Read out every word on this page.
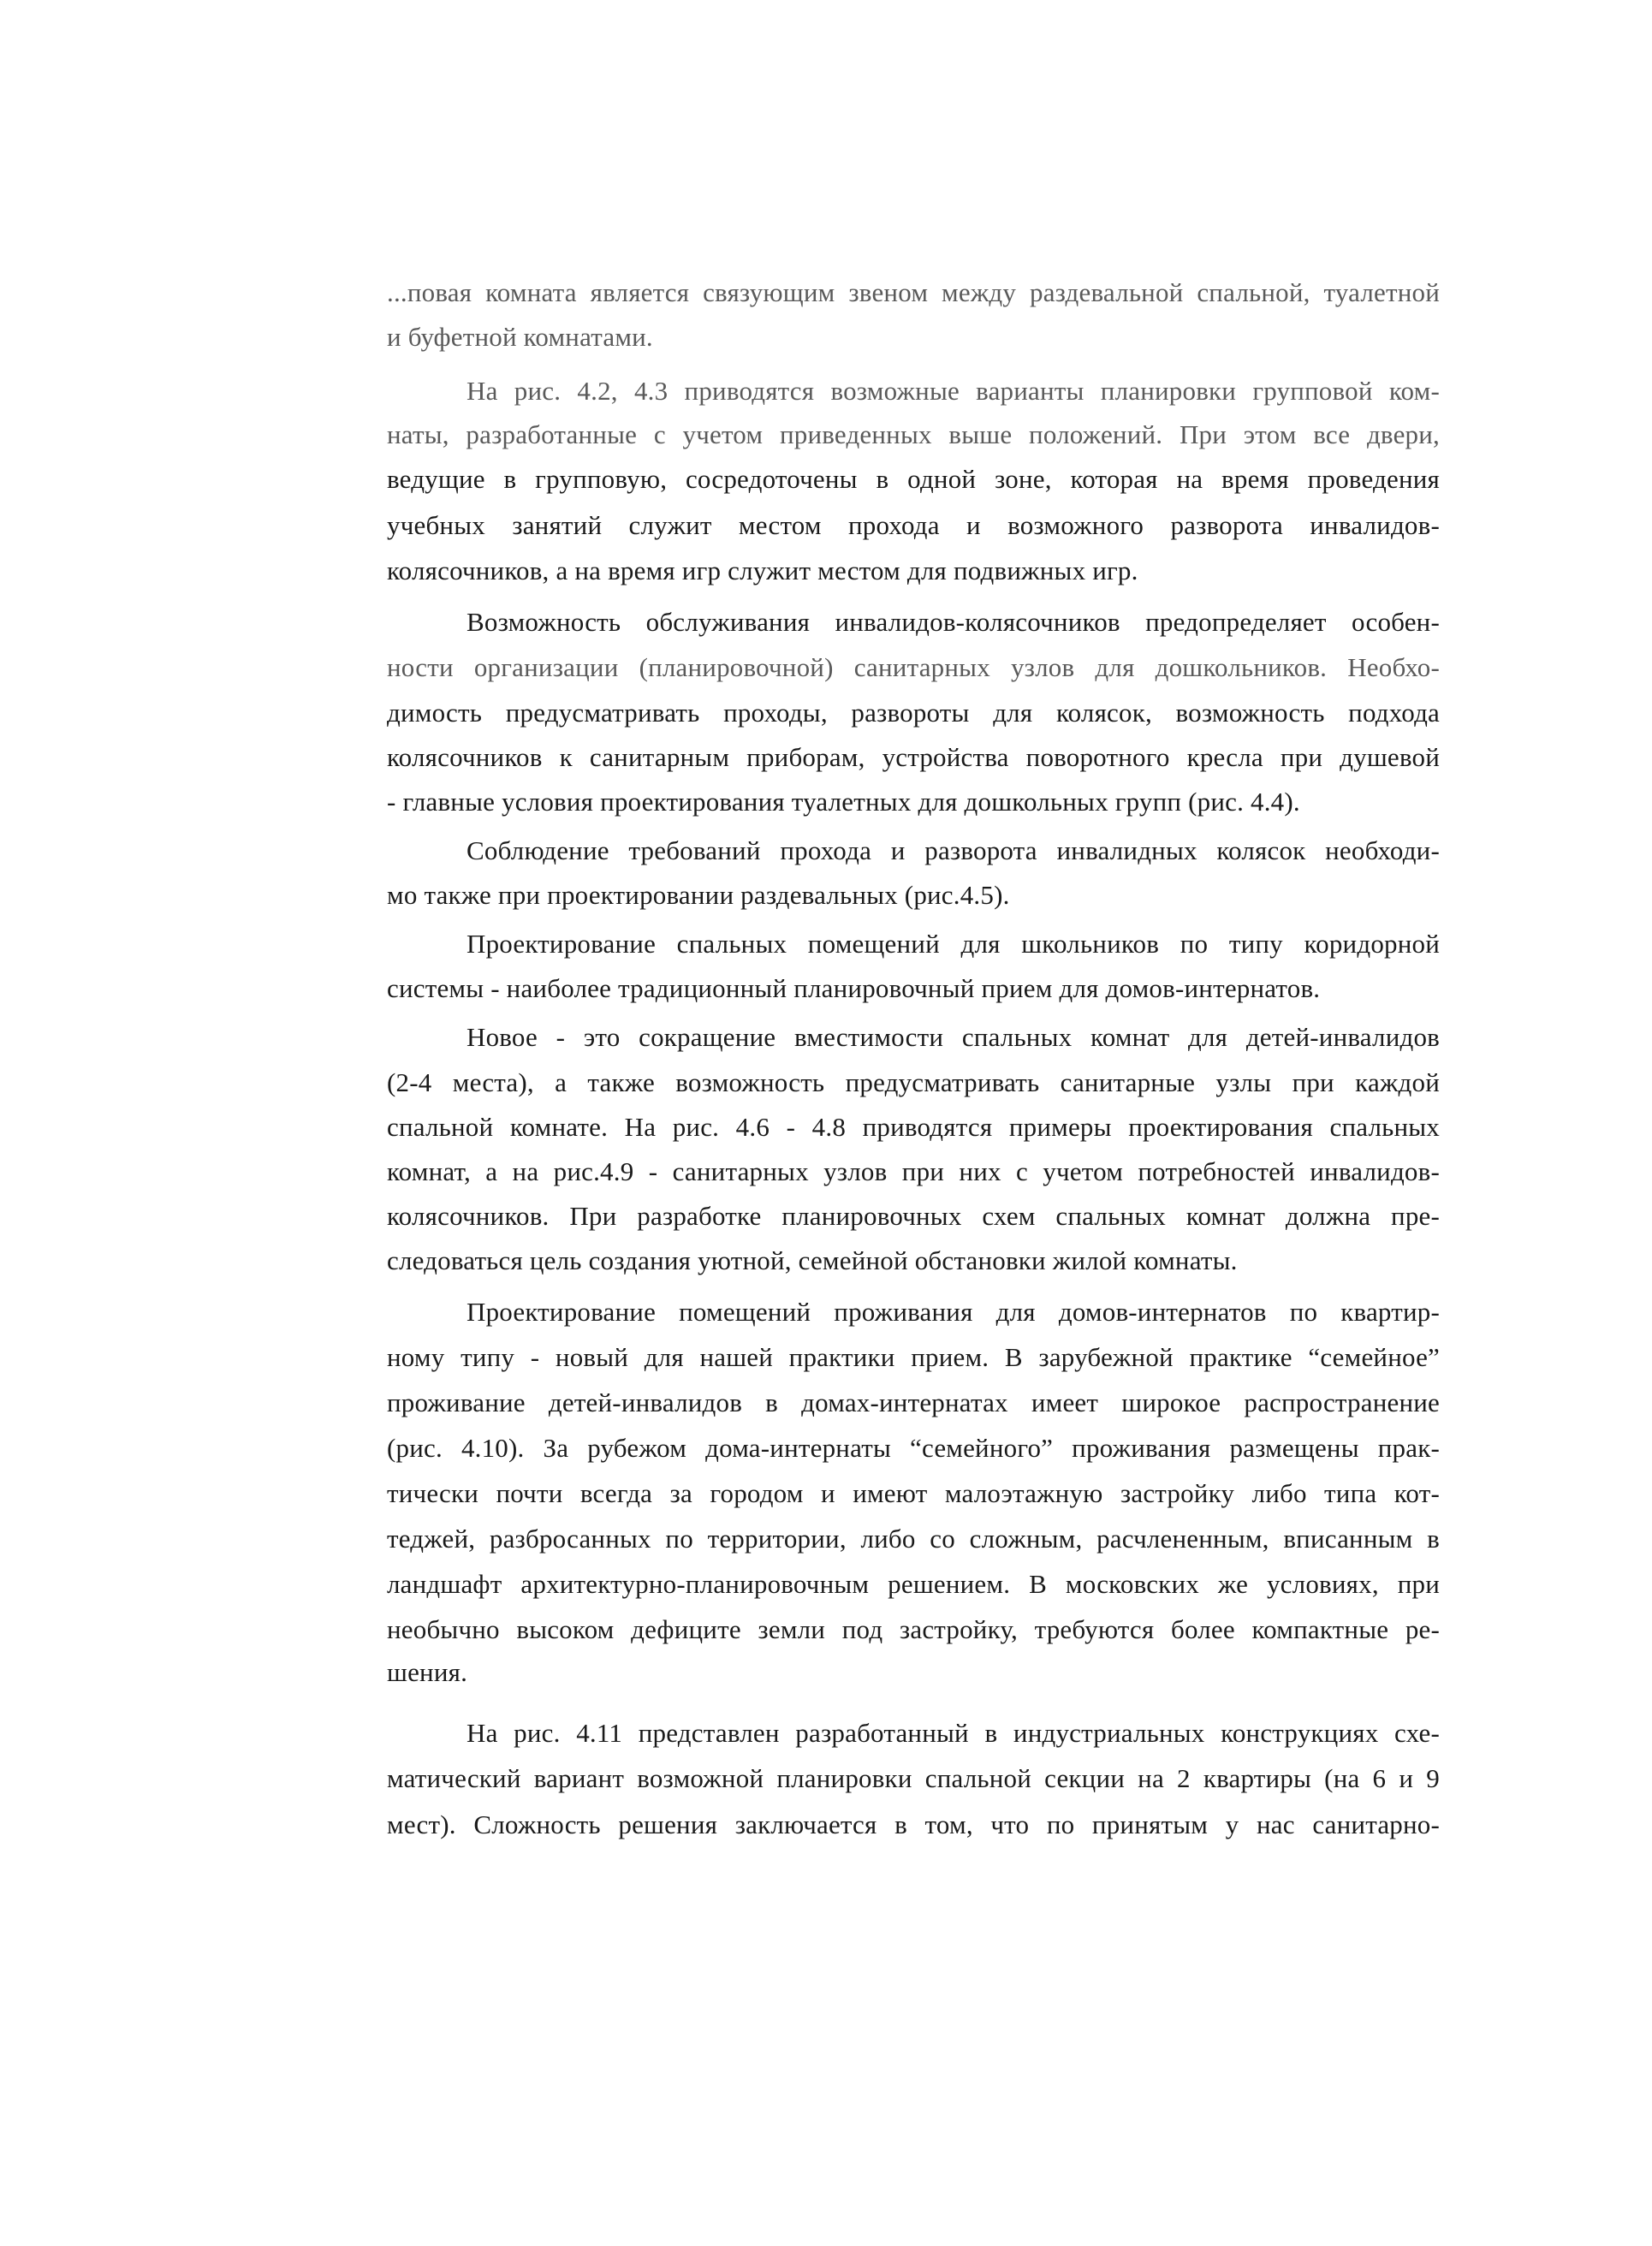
...повая комната является связующим звеном между раздевальной спальной, туалетной
и буфетной комнатами.
На рис. 4.2, 4.3 приводятся возможные варианты планировки групповой ком-
наты, разработанные с учетом приведенных выше положений. При этом все двери,
ведущие в групповую, сосредоточены в одной зоне, которая на время проведения
учебных занятий служит местом прохода и возможного разворота инвалидов-
колясочников, а на время игр служит местом для подвижных игр.
Возможность обслуживания инвалидов-колясочников предопределяет особен-
ности организации (планировочной) санитарных узлов для дошкольников. Необхо-
димость предусматривать проходы, развороты для колясок, возможность подхода
колясочников к санитарным приборам, устройства поворотного кресла при душевой
- главные условия проектирования туалетных для дошкольных групп (рис. 4.4).
Соблюдение требований прохода и разворота инвалидных колясок необходи-
мо также при проектировании раздевальных (рис.4.5).
Проектирование спальных помещений для школьников по типу коридорной
системы - наиболее традиционный планировочный прием для домов-интернатов.
Новое - это сокращение вместимости спальных комнат для детей-инвалидов
(2-4 места), а также возможность предусматривать санитарные узлы при каждой
спальной комнате. На рис. 4.6 - 4.8 приводятся примеры проектирования спальных
комнат, а на рис.4.9 - санитарных узлов при них с учетом потребностей инвалидов-
колясочников. При разработке планировочных схем спальных комнат должна пре-
следоваться цель создания уютной, семейной обстановки жилой комнаты.
Проектирование помещений проживания для домов-интернатов по квартир-
ному типу - новый для нашей практики прием. В зарубежной практике “семейное”
проживание детей-инвалидов в домах-интернатах имеет широкое распространение
(рис. 4.10). За рубежом дома-интернаты “семейного” проживания размещены прак-
тически почти всегда за городом и имеют малоэтажную застройку либо типа кот-
теджей, разбросанных по территории, либо со сложным, расчлененным, вписанным в
ландшафт архитектурно-планировочным решением. В московских же условиях, при
необычно высоком дефиците земли под застройку, требуются более компактные ре-
шения.
На рис. 4.11 представлен разработанный в индустриальных конструкциях схе-
матический вариант возможной планировки спальной секции на 2 квартиры (на 6 и 9
мест). Сложность решения заключается в том, что по принятым у нас санитарно-
